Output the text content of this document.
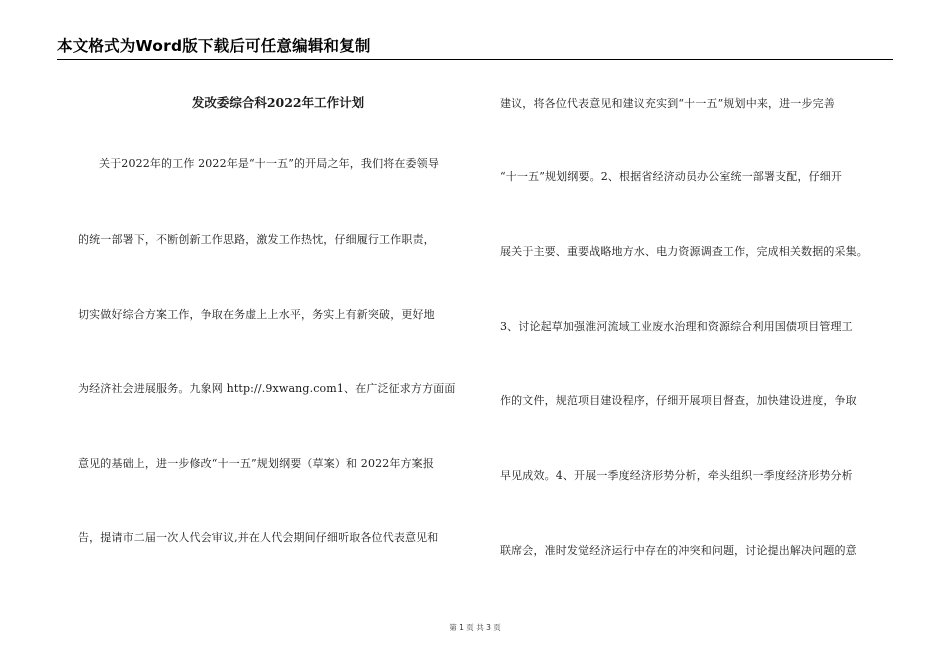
本文格式为Word版下载后可任意编辑和复制
发改委综合科2022年工作计划
关于2022年的工作 2022年是“十一五”的开局之年，我们将在委领导
的统一部署下，不断创新工作思路，激发工作热忱，仔细履行工作职责，
切实做好综合方案工作，争取在务虚上上水平，务实上有新突破，更好地
为经济社会进展服务。九象网 http://.9xwang.com1、在广泛征求方方面面
意见的基础上，进一步修改“十一五”规划纲要（草案）和 2022年方案报
告，提请市二届一次人代会审议,并在人代会期间仔细听取各位代表意见和
建议，将各位代表意见和建议充实到“十一五”规划中来，进一步完善
“十一五”规划纲要。2、根据省经济动员办公室统一部署支配，仔细开
展关于主要、重要战略地方水、电力资源调查工作，完成相关数据的采集。
3、讨论起草加强淮河流域工业废水治理和资源综合利用国债项目管理工
作的文件，规范项目建设程序，仔细开展项目督查，加快建设进度，争取
早见成效。4、开展一季度经济形势分析，牵头组织一季度经济形势分析
联席会，准时发觉经济运行中存在的冲突和问题，讨论提出解决问题的意
第 1 页 共 3 页
